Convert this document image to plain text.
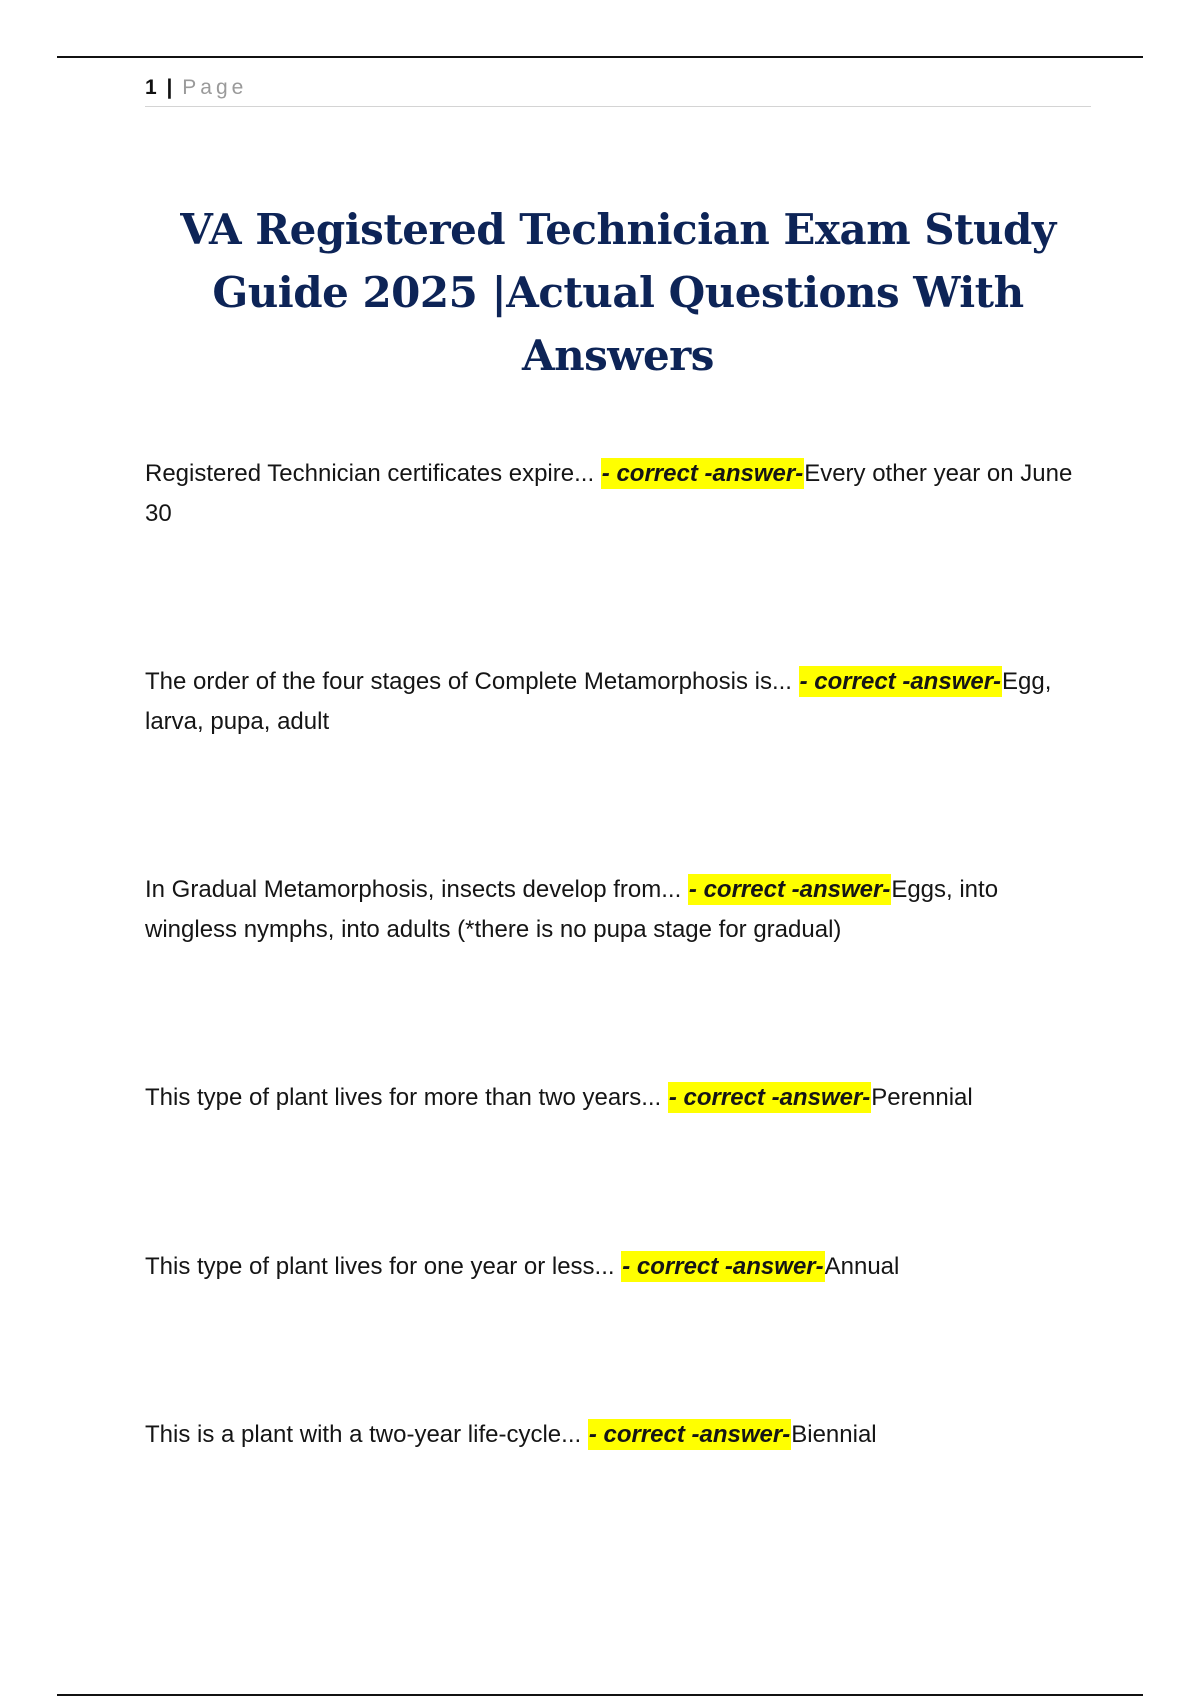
1 | Page
VA Registered Technician Exam Study Guide 2025 |Actual Questions With Answers

Registered Technician certificates expire... - correct -answer-Every other year on June 30

The order of the four stages of Complete Metamorphosis is... - correct -answer-Egg, larva, pupa, adult

In Gradual Metamorphosis, insects develop from... - correct -answer-Eggs, into wingless nymphs, into adults (*there is no pupa stage for gradual)

This type of plant lives for more than two years... - correct -answer-Perennial

This type of plant lives for one year or less... - correct -answer-Annual

This is a plant with a two-year life-cycle... - correct -answer-Biennial
